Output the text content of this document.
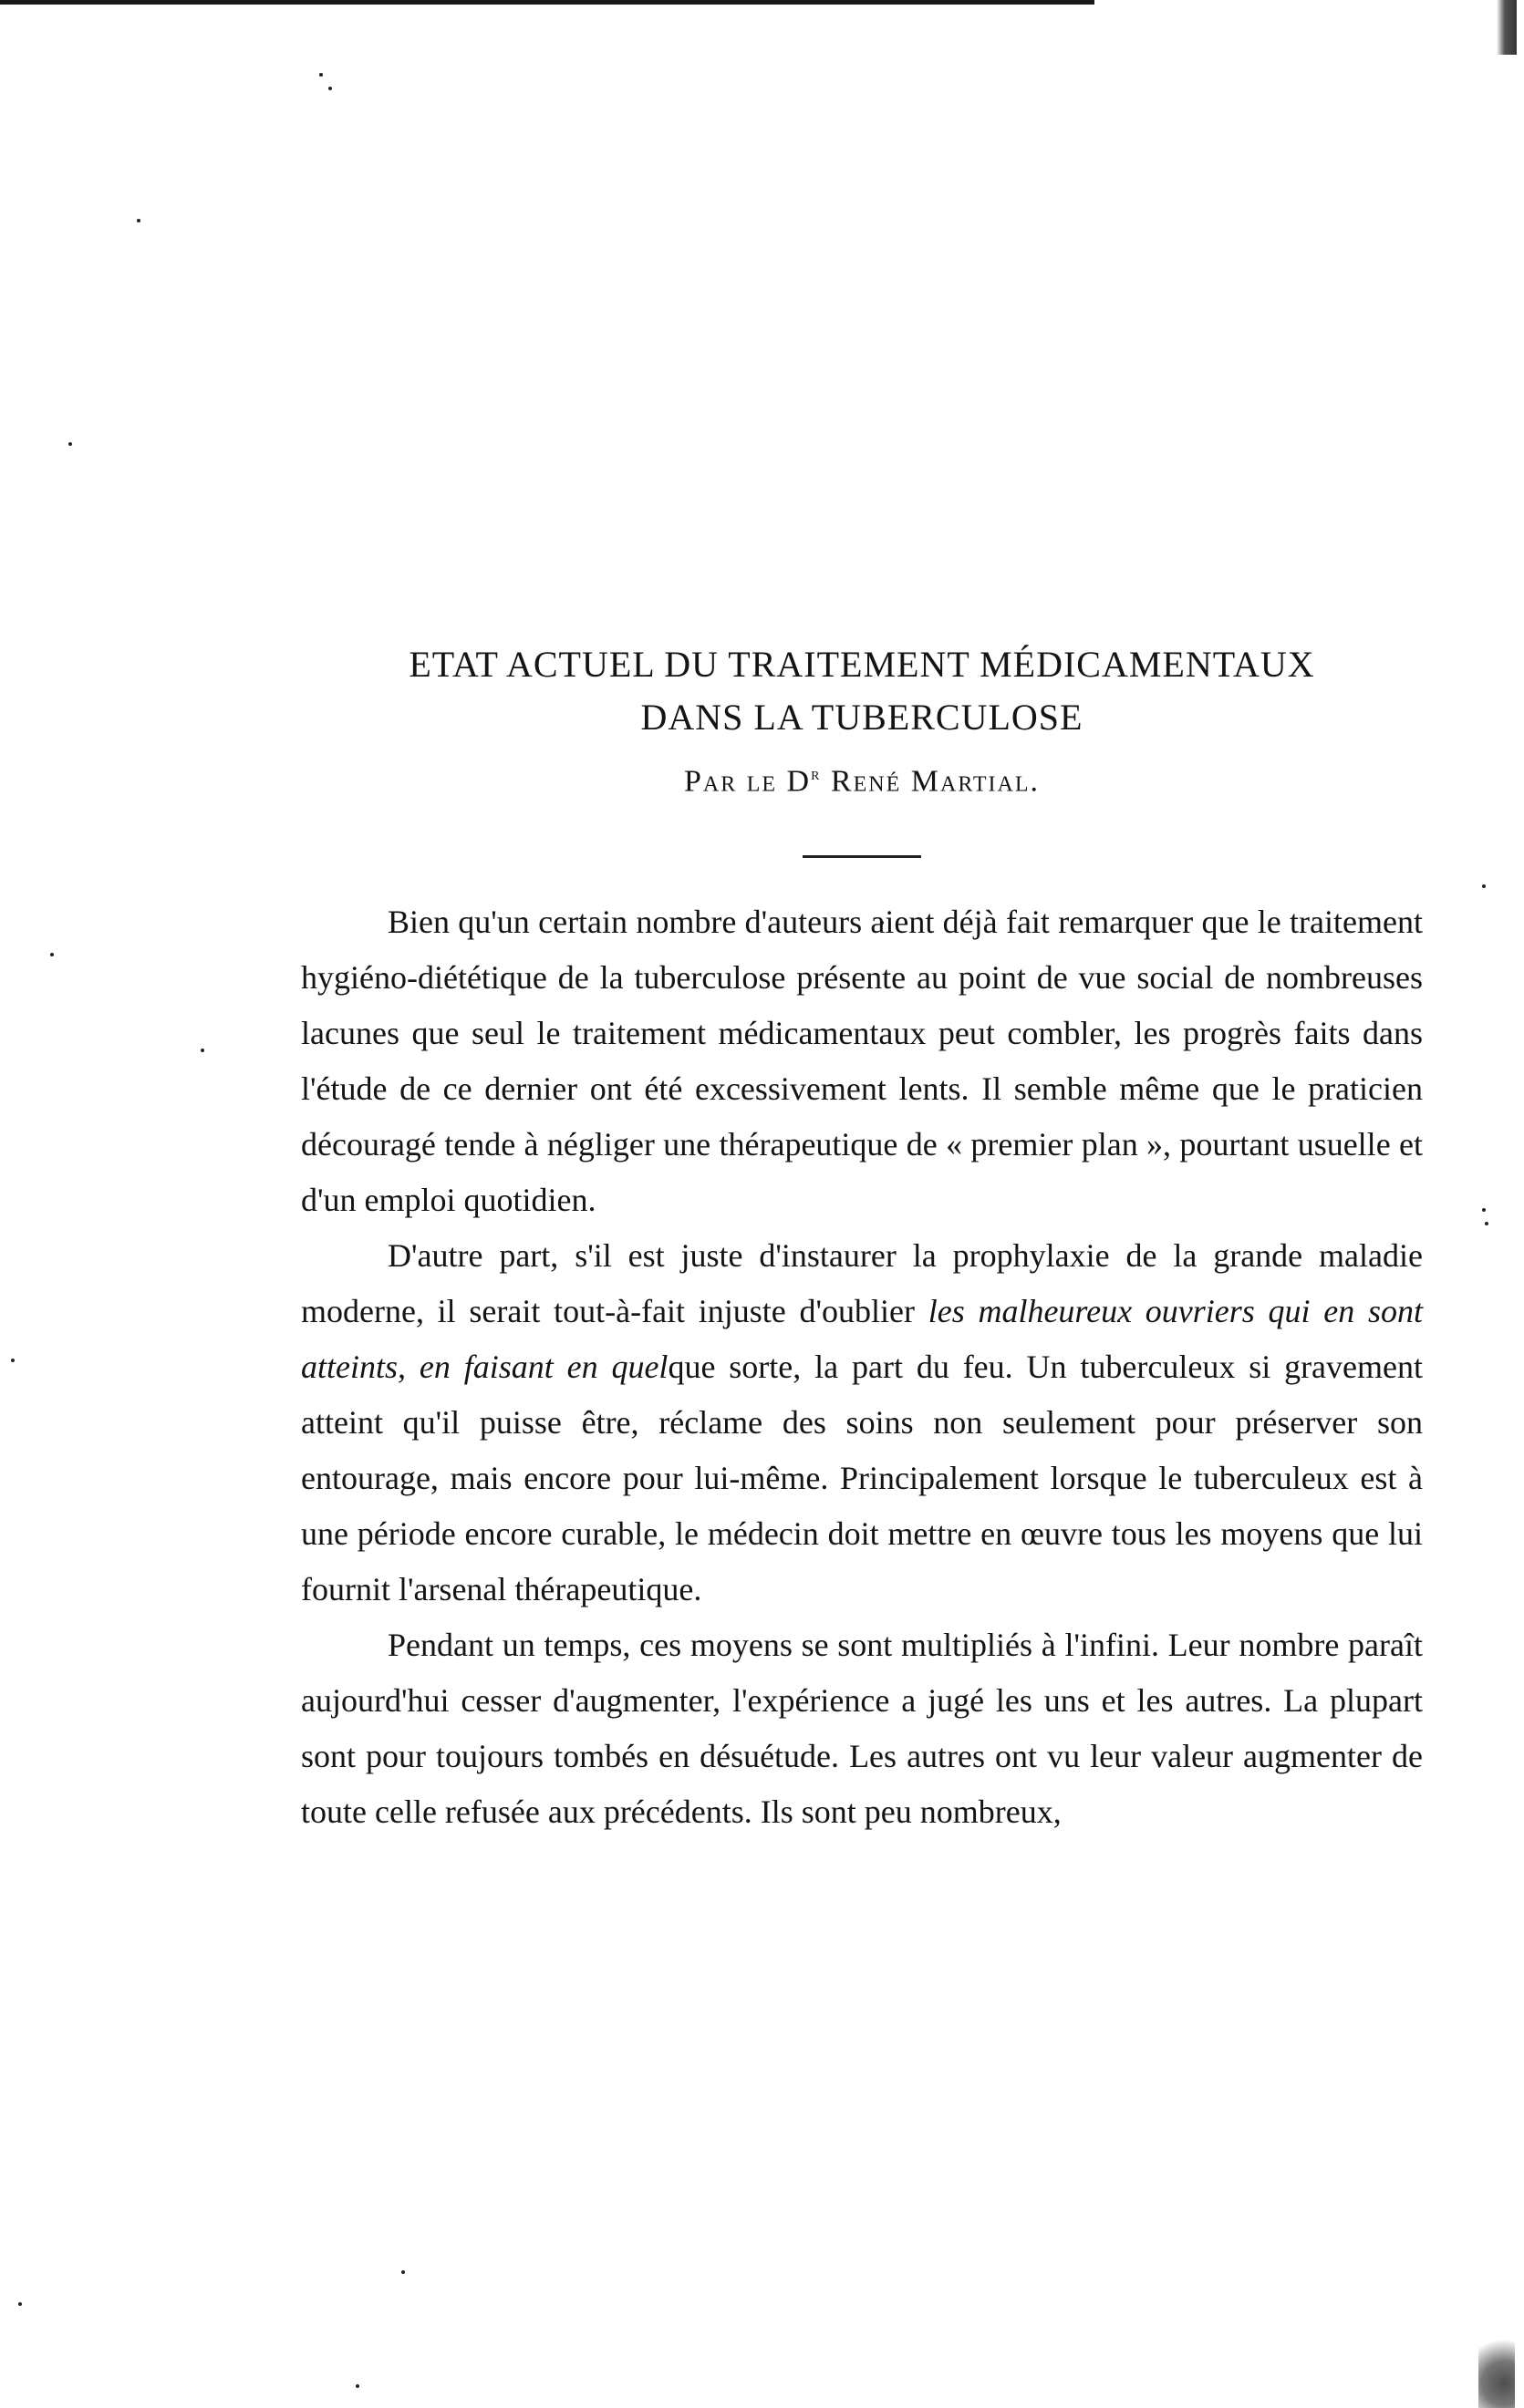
ETAT ACTUEL DU TRAITEMENT MÉDICAMENTAUX
DANS LA TUBERCULOSE
Par le $D^r$ René Martial.

Bien qu'un certain nombre d'auteurs aient déjà fait remarquer que le traitement hygiéno-diététique de la tuberculose présente au point de vue social de nombreuses lacunes que seul le traitement médicamentaux peut combler, les progrès faits dans l'étude de ce dernier ont été excessivement lents. Il semble même que le praticien découragé tende à négliger une thérapeutique de « premier plan », pourtant usuelle et d'un emploi quotidien.

D'autre part, s'il est juste d'instaurer la prophylaxie de la grande maladie moderne, il serait tout-à-fait injuste d'oublier les malheureux ouvriers qui en sont atteints, en faisant en quelque sorte, la part du feu. Un tuberculeux si gravement atteint qu'il puisse être, réclame des soins non seulement pour préserver son entourage, mais encore pour lui-même. Principalement lorsque le tuberculeux est à une période encore curable, le médecin doit mettre en œuvre tous les moyens que lui fournit l'arsenal thérapeutique.

Pendant un temps, ces moyens se sont multipliés à l'infini. Leur nombre paraît aujourd'hui cesser d'augmenter, l'expérience a jugé les uns et les autres. La plupart sont pour toujours tombés en désuétude. Les autres ont vu leur valeur augmenter de toute celle refusée aux précédents. Ils sont peu nombreux,
